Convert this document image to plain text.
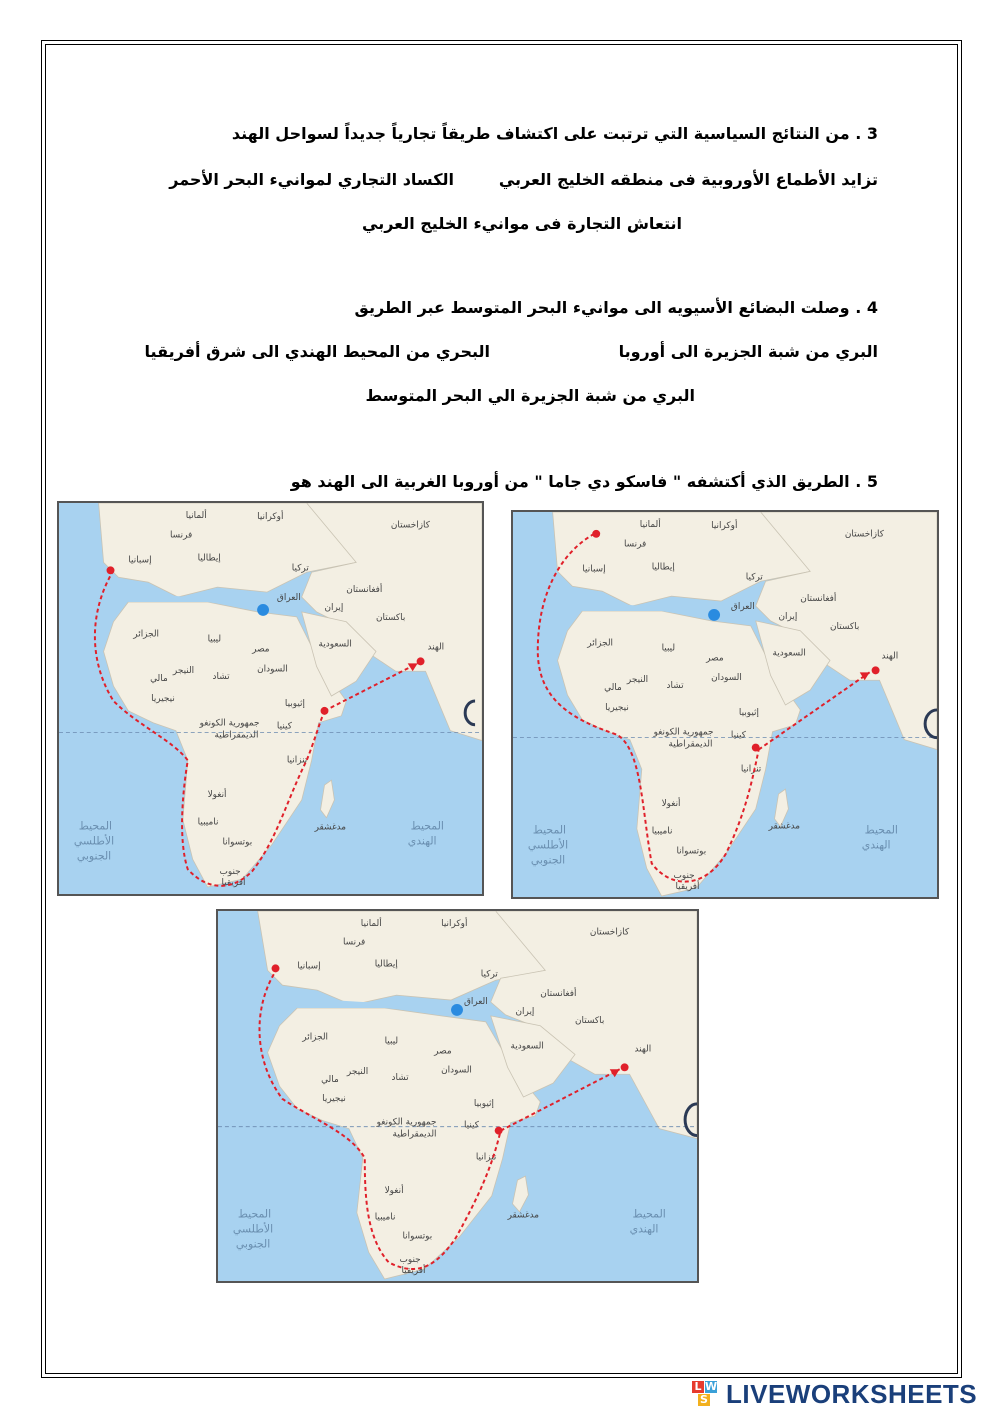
3 . من النتائج السياسية التي ترتبت على اكتشاف طريقاً تجارياً جديداً لسواحل الهند
تزايد الأطماع الأوروبية فى منطقه الخليج العربي
الكساد التجاري لموانيء البحر الأحمر
انتعاش التجارة فى موانيء الخليج العربي
4 . وصلت البضائع الأسيويه الى موانيء البحر المتوسط عبر الطريق
البري من شبة الجزيرة الى أوروبا
البحري من المحيط الهندي الى شرق أفريقيا
البري من شبة الجزيرة الي البحر المتوسط
5 . الطريق الذي أكتشفه " فاسكو دي جاما " من أوروبا الغربية الى الهند هو
ألمانيا	أوكرانيا
كازاخستان
فرنسا
إسبانيا	إيطاليا
تركيا
العراق
إيران
أفغانستان
باكستان
الجزائر	ليبيا
مصر	السعودية	الهند
مالي
النيجر
تشاد
السودان
نيجيريا	إثيوبيا
جمهورية الكونغو
الديمقراطية
كينيا
تنزانيا
أنغولا
ناميبيا
بوتسوانا
مدغشقر
جنوب
أفريقيا
المحيط
الهندي
المحيط
الأطلسي
الجنوبي
ألمانيا	أوكرانيا
كازاخستان
فرنسا
إسبانيا	إيطاليا
تركيا
العراق
إيران
أفغانستان
باكستان
الجزائر	ليبيا
مصر	السعودية	الهند
مالي
النيجر
تشاد
السودان
نيجيريا	إثيوبيا
جمهورية الكونغو
الديمقراطية
كينيا
تنزانيا
أنغولا
ناميبيا
بوتسوانا
مدغشقر
جنوب
أفريقيا
المحيط
الهندي
المحيط
الأطلسي
الجنوبي
ألمانيا	أوكرانيا
كازاخستان
فرنسا
إسبانيا	إيطاليا
تركيا
العراق
إيران
أفغانستان
باكستان
الجزائر	ليبيا
مصر	السعودية	الهند
مالي
النيجر
تشاد
السودان
نيجيريا	إثيوبيا
جمهورية الكونغو
الديمقراطية
كينيا
تنزانيا
أنغولا
ناميبيا
بوتسوانا
مدغشقر
جنوب
أفريقيا
المحيط
الهندي
المحيط
الأطلسي
الجنوبي
L W
S LIVEWORKSHEETS
